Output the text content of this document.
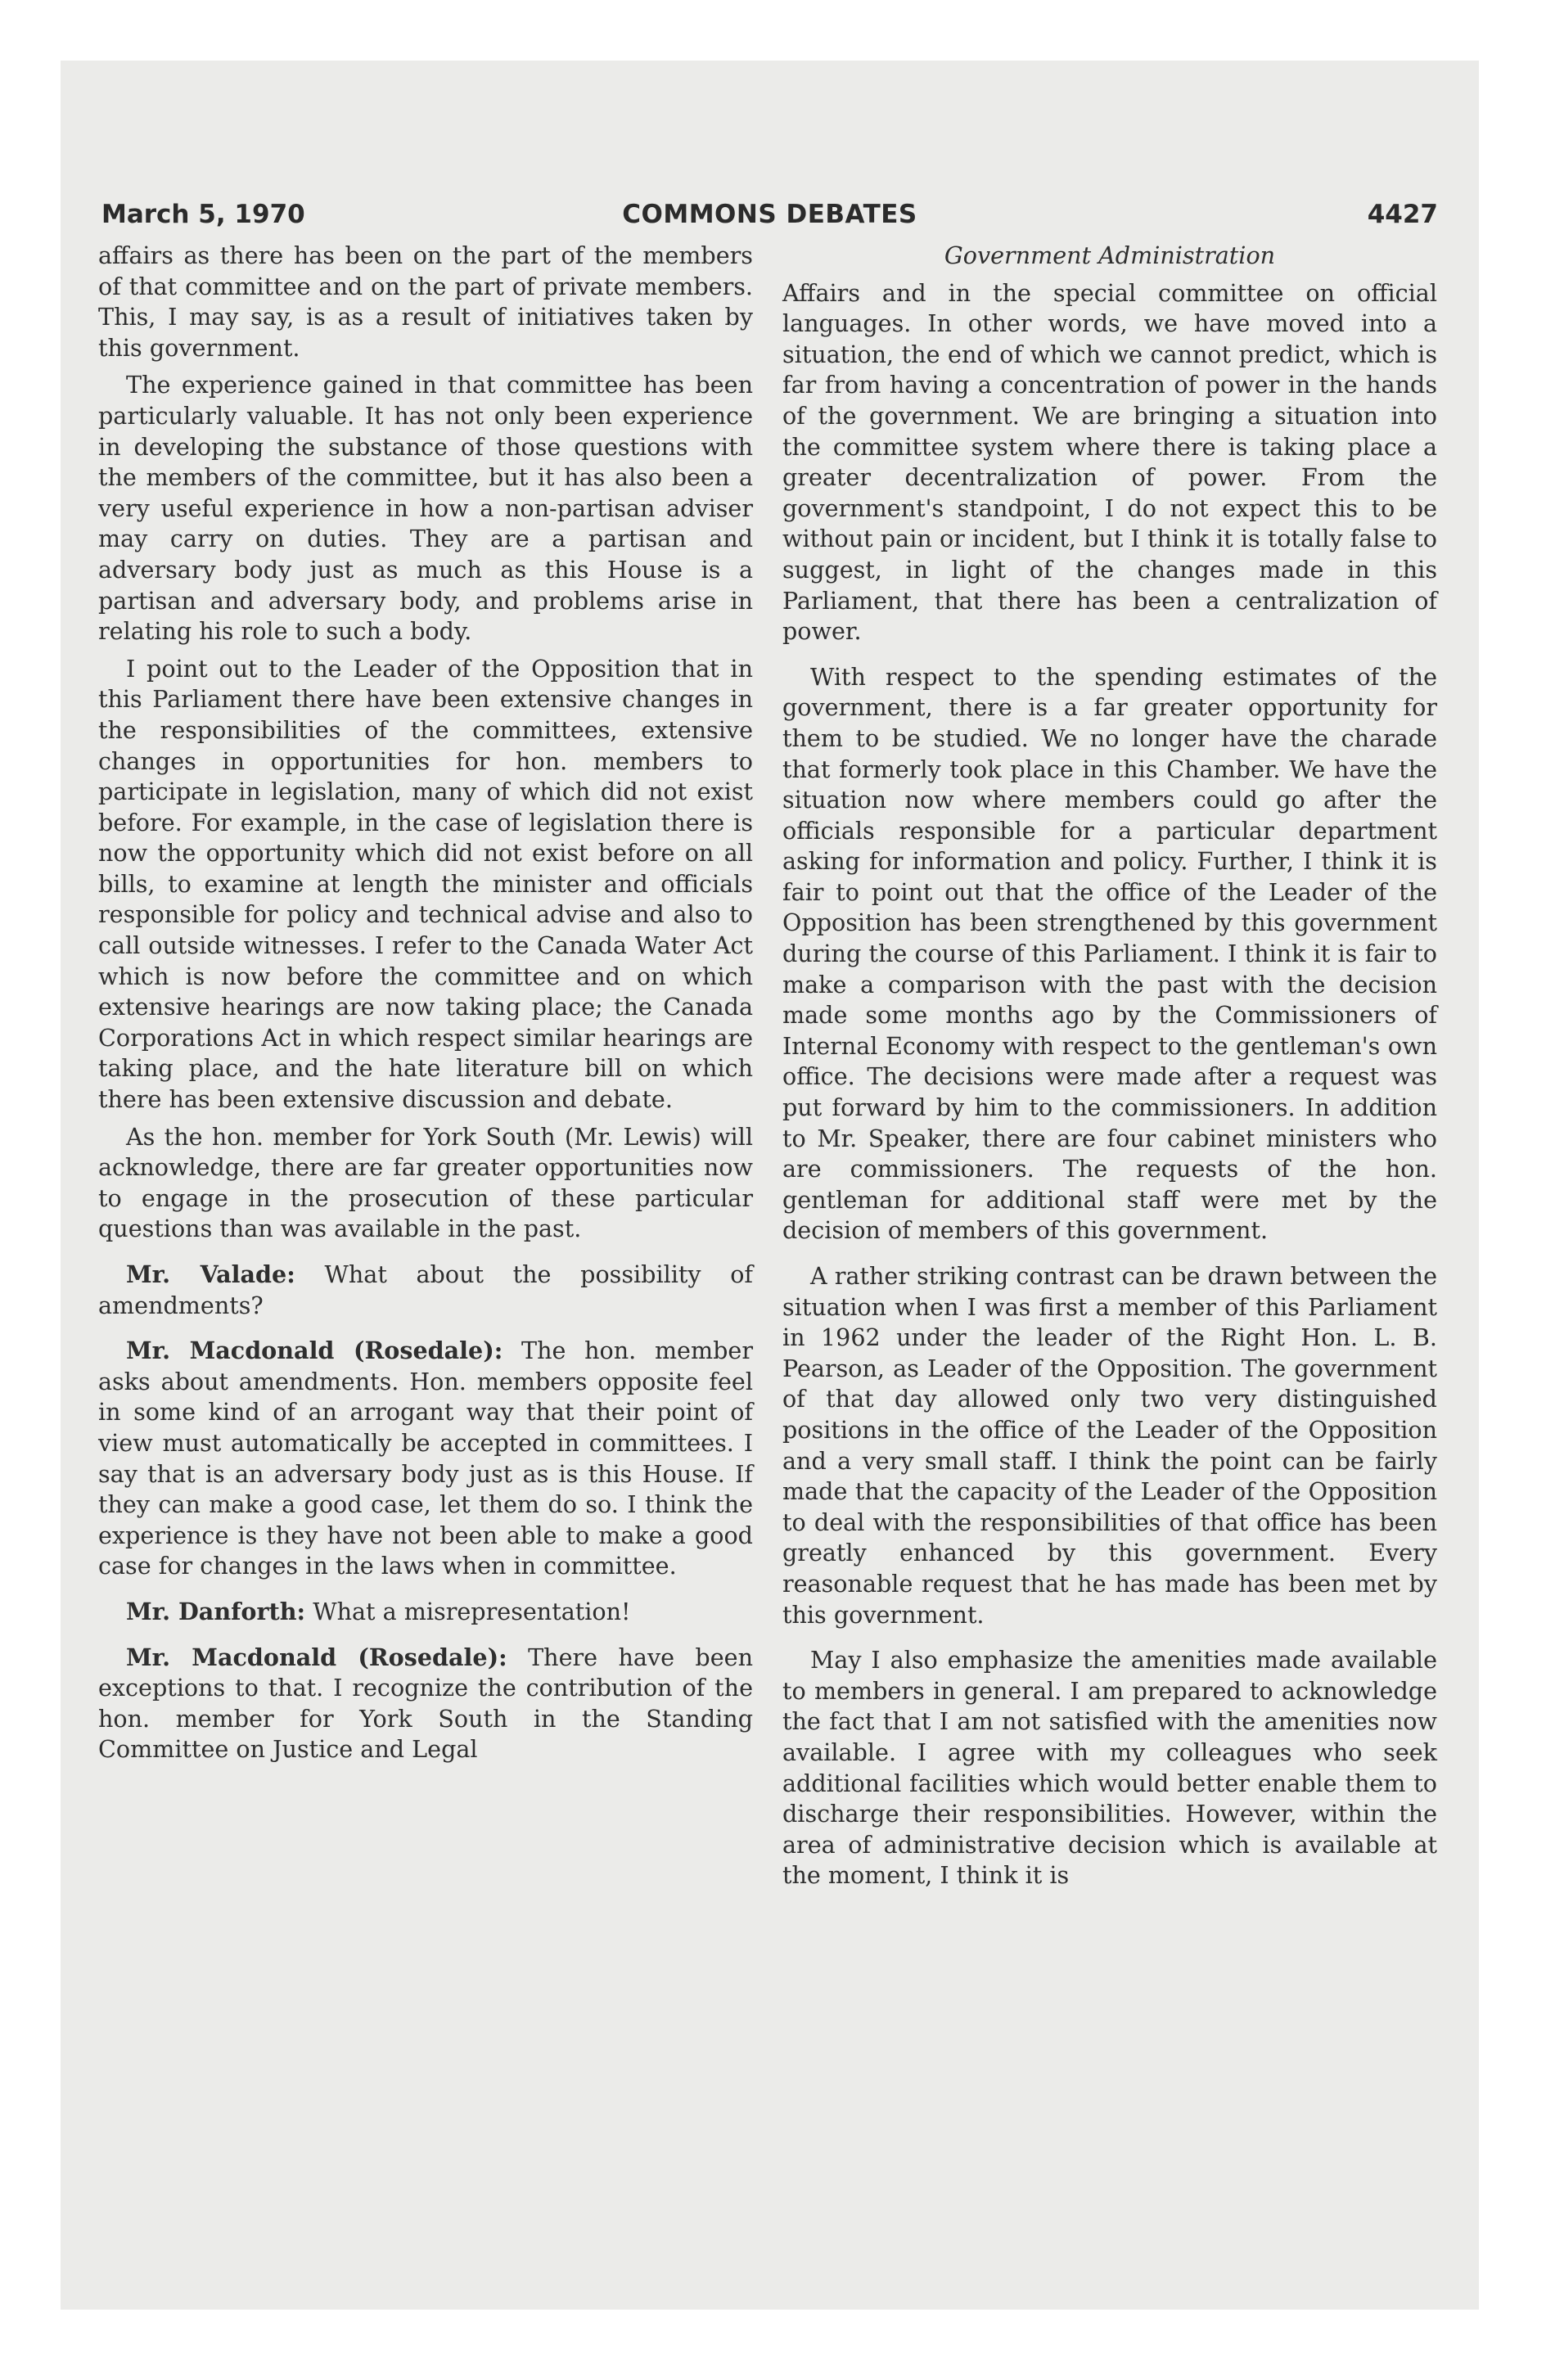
March 5, 1970	COMMONS DEBATES	4427

affairs as there has been on the part of the members of that committee and on the part of private members. This, I may say, is as a result of initiatives taken by this government.

The experience gained in that committee has been particularly valuable. It has not only been experience in developing the substance of those questions with the members of the committee, but it has also been a very useful experience in how a non-partisan adviser may carry on duties. They are a partisan and adversary body just as much as this House is a partisan and adversary body, and problems arise in relating his role to such a body.

I point out to the Leader of the Opposition that in this Parliament there have been extensive changes in the responsibilities of the committees, extensive changes in opportunities for hon. members to participate in legislation, many of which did not exist before. For example, in the case of legislation there is now the opportunity which did not exist before on all bills, to examine at length the minister and officials responsible for policy and technical advise and also to call outside witnesses. I refer to the Canada Water Act which is now before the committee and on which extensive hearings are now taking place; the Canada Corporations Act in which respect similar hearings are taking place, and the hate literature bill on which there has been extensive discussion and debate.

As the hon. member for York South (Mr. Lewis) will acknowledge, there are far greater opportunities now to engage in the prosecution of these particular questions than was available in the past.

Mr. Valade: What about the possibility of amendments?

Mr. Macdonald (Rosedale): The hon. member asks about amendments. Hon. members opposite feel in some kind of an arrogant way that their point of view must automatically be accepted in committees. I say that is an adversary body just as is this House. If they can make a good case, let them do so. I think the experience is they have not been able to make a good case for changes in the laws when in committee.

Mr. Danforth: What a misrepresentation!

Mr. Macdonald (Rosedale): There have been exceptions to that. I recognize the contribution of the hon. member for York South in the Standing Committee on Justice and Legal

Government Administration

Affairs and in the special committee on official languages. In other words, we have moved into a situation, the end of which we cannot predict, which is far from having a concentration of power in the hands of the government. We are bringing a situation into the committee system where there is taking place a greater decentralization of power. From the government's standpoint, I do not expect this to be without pain or incident, but I think it is totally false to suggest, in light of the changes made in this Parliament, that there has been a centralization of power.

With respect to the spending estimates of the government, there is a far greater opportunity for them to be studied. We no longer have the charade that formerly took place in this Chamber. We have the situation now where members could go after the officials responsible for a particular department asking for information and policy. Further, I think it is fair to point out that the office of the Leader of the Opposition has been strengthened by this government during the course of this Parliament. I think it is fair to make a comparison with the past with the decision made some months ago by the Commissioners of Internal Economy with respect to the gentleman's own office. The decisions were made after a request was put forward by him to the commissioners. In addition to Mr. Speaker, there are four cabinet ministers who are commissioners. The requests of the hon. gentleman for additional staff were met by the decision of members of this government.

A rather striking contrast can be drawn between the situation when I was first a member of this Parliament in 1962 under the leader of the Right Hon. L. B. Pearson, as Leader of the Opposition. The government of that day allowed only two very distinguished positions in the office of the Leader of the Opposition and a very small staff. I think the point can be fairly made that the capacity of the Leader of the Opposition to deal with the responsibilities of that office has been greatly enhanced by this government. Every reasonable request that he has made has been met by this government.

May I also emphasize the amenities made available to members in general. I am prepared to acknowledge the fact that I am not satisfied with the amenities now available. I agree with my colleagues who seek additional facilities which would better enable them to discharge their responsibilities. However, within the area of administrative decision which is available at the moment, I think it is
